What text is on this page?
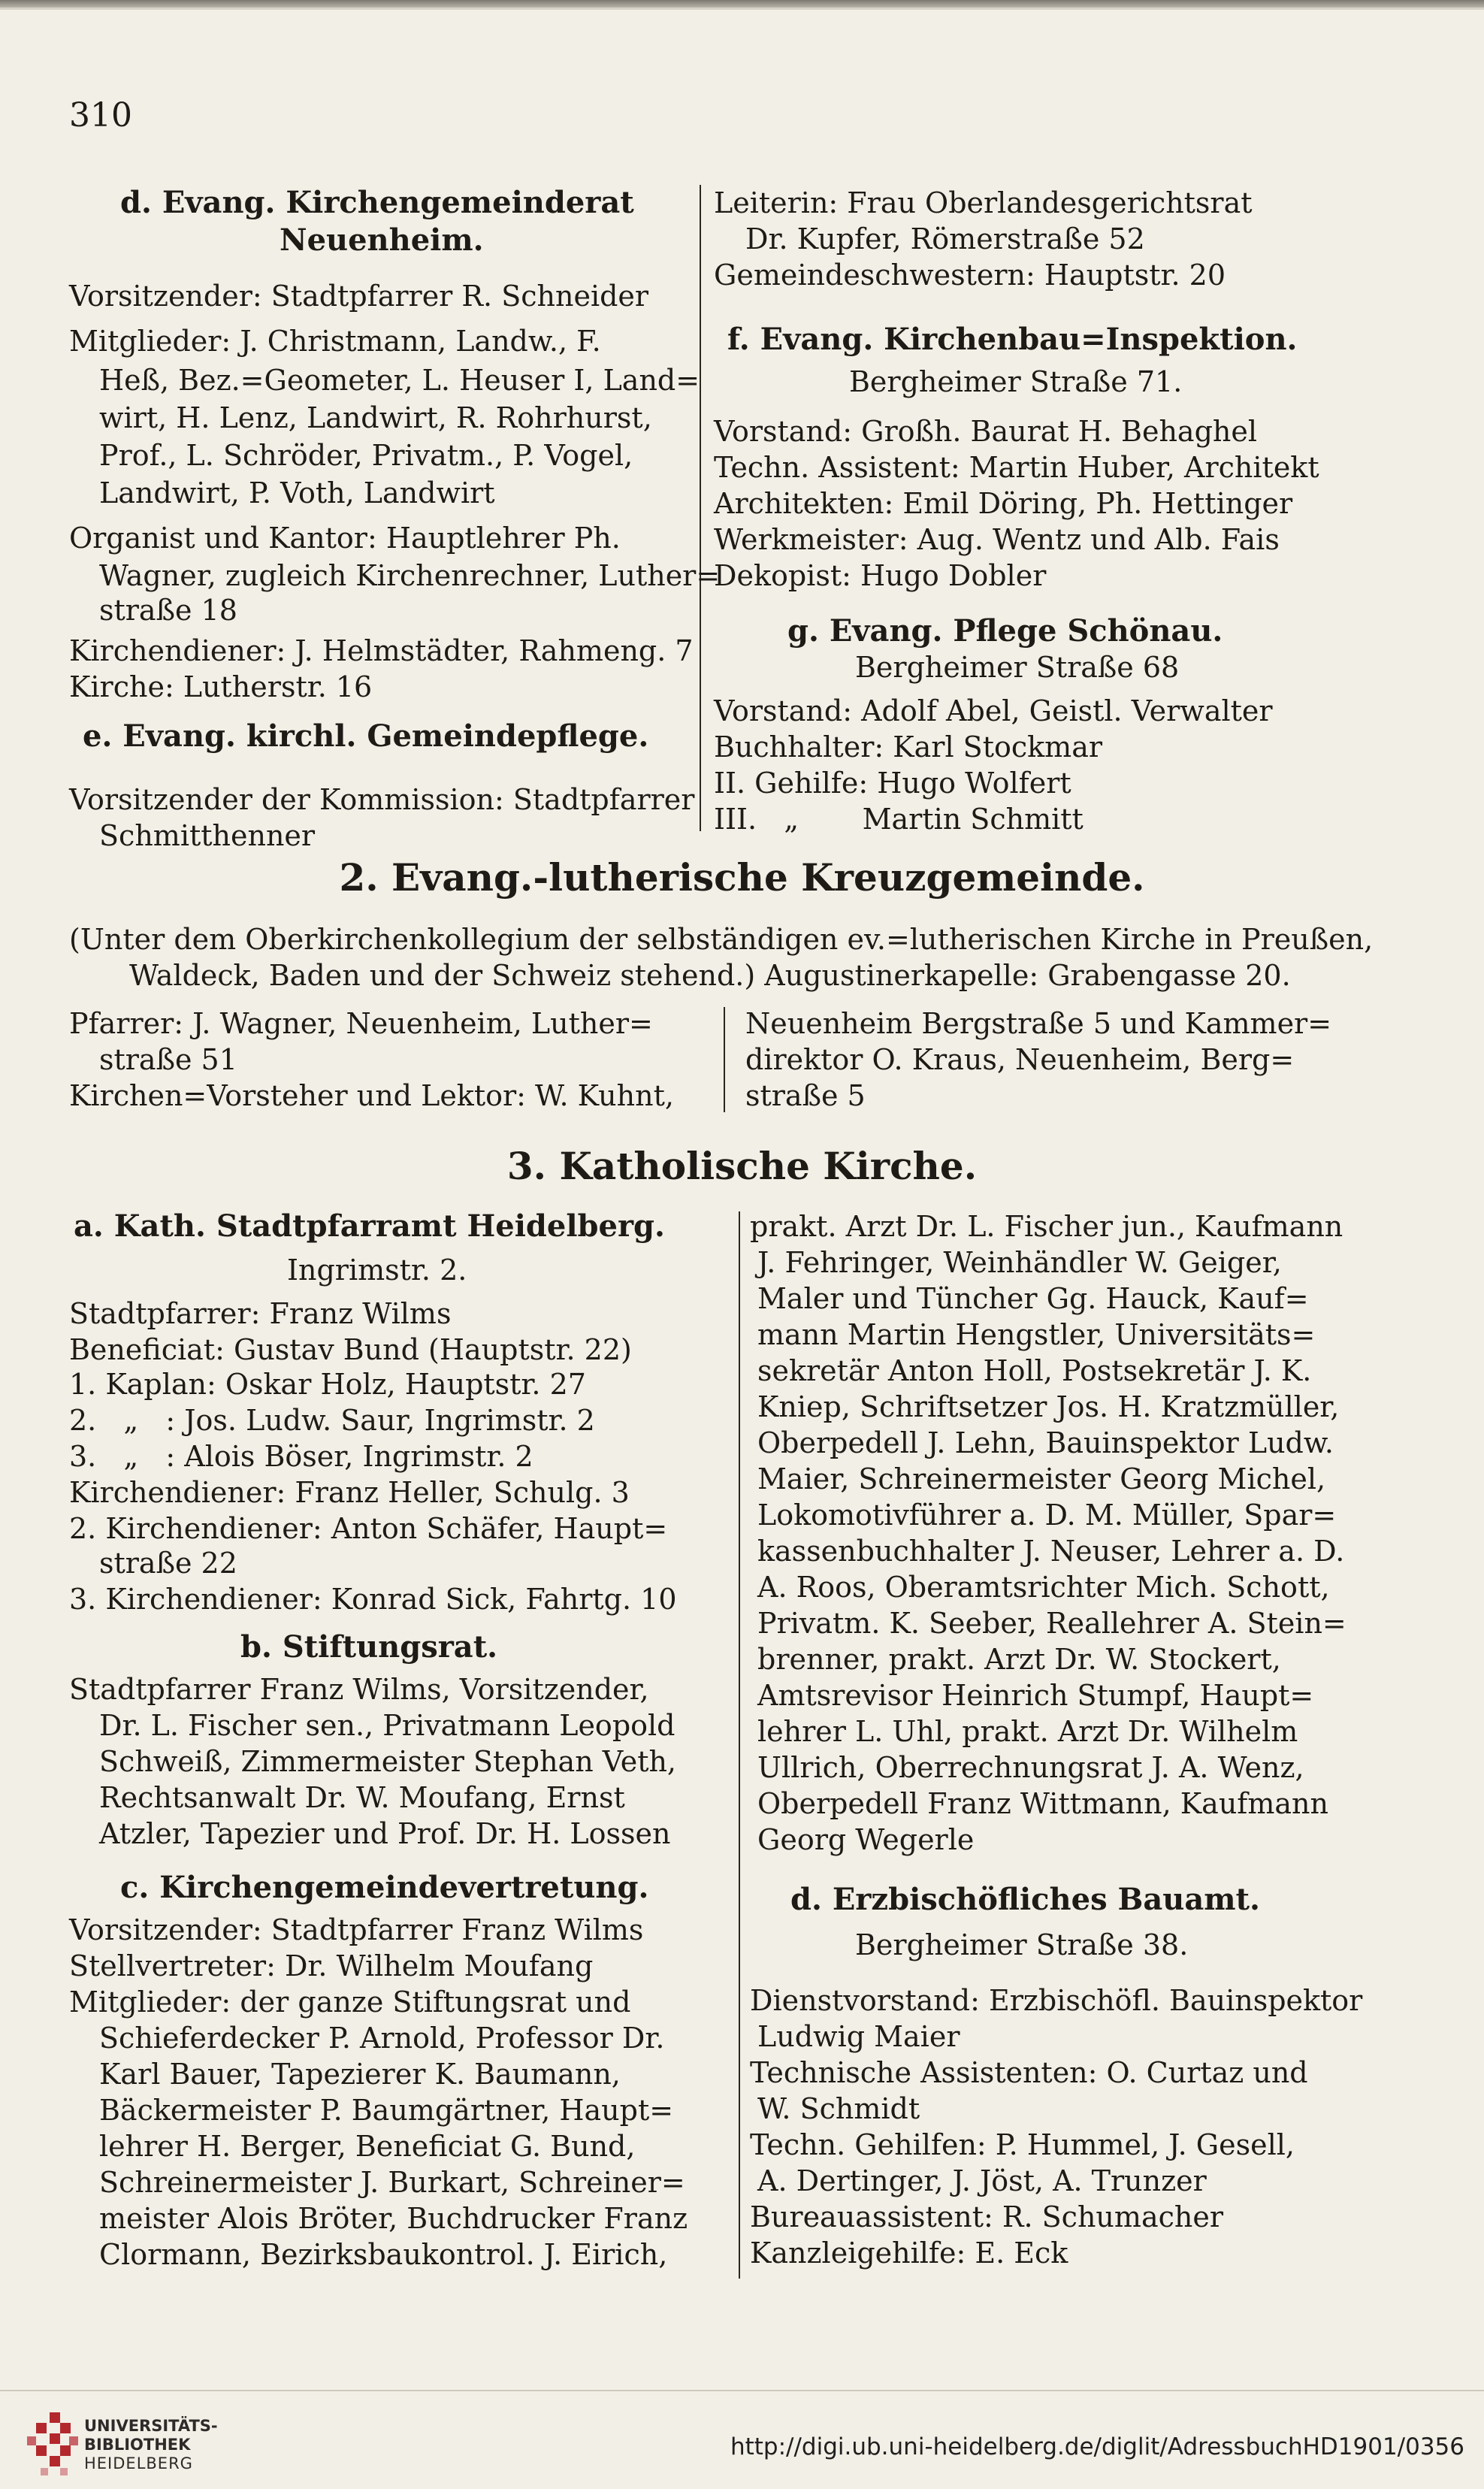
310
d. Evang. Kirchengemeinderat
Neuenheim.
Vorsitzender: Stadtpfarrer R. Schneider
Mitglieder: J. Christmann, Landw., F.
Heß, Bez.=Geometer, L. Heuser I, Land=
wirt, H. Lenz, Landwirt, R. Rohrhurst,
Prof., L. Schröder, Privatm., P. Vogel,
Landwirt, P. Voth, Landwirt
Organist und Kantor: Hauptlehrer Ph.
Wagner, zugleich Kirchenrechner, Luther=
straße 18
Kirchendiener: J. Helmstädter, Rahmeng. 7
Kirche: Lutherstr. 16
e. Evang. kirchl. Gemeindepflege.
Vorsitzender der Kommission: Stadtpfarrer
Schmitthenner
Leiterin: Frau Oberlandesgerichtsrat
Dr. Kupfer, Römerstraße 52
Gemeindeschwestern: Hauptstr. 20
f. Evang. Kirchenbau=Inspektion.
Bergheimer Straße 71.
Vorstand: Großh. Baurat H. Behaghel
Techn. Assistent: Martin Huber, Architekt
Architekten: Emil Döring, Ph. Hettinger
Werkmeister: Aug. Wentz und Alb. Fais
Dekopist: Hugo Dobler
g. Evang. Pflege Schönau.
Bergheimer Straße 68
Vorstand: Adolf Abel, Geistl. Verwalter
Buchhalter: Karl Stockmar
II. Gehilfe: Hugo Wolfert
III.   „       Martin Schmitt
2. Evang.-lutherische Kreuzgemeinde.
(Unter dem Oberkirchenkollegium der selbständigen ev.=lutherischen Kirche in Preußen,
Waldeck, Baden und der Schweiz stehend.) Augustinerkapelle: Grabengasse 20.
Pfarrer: J. Wagner, Neuenheim, Luther=
straße 51
Kirchen=Vorsteher und Lektor: W. Kuhnt,
Neuenheim Bergstraße 5 und Kammer=
direktor O. Kraus, Neuenheim, Berg=
straße 5
3. Katholische Kirche.
a. Kath. Stadtpfarramt Heidelberg.
Ingrimstr. 2.
Stadtpfarrer: Franz Wilms
Beneficiat: Gustav Bund (Hauptstr. 22)
1. Kaplan: Oskar Holz, Hauptstr. 27
2.   „   : Jos. Ludw. Saur, Ingrimstr. 2
3.   „   : Alois Böser, Ingrimstr. 2
Kirchendiener: Franz Heller, Schulg. 3
2. Kirchendiener: Anton Schäfer, Haupt=
straße 22
3. Kirchendiener: Konrad Sick, Fahrtg. 10
b. Stiftungsrat.
Stadtpfarrer Franz Wilms, Vorsitzender,
Dr. L. Fischer sen., Privatmann Leopold
Schweiß, Zimmermeister Stephan Veth,
Rechtsanwalt Dr. W. Moufang, Ernst
Atzler, Tapezier und Prof. Dr. H. Lossen
c. Kirchengemeindevertretung.
Vorsitzender: Stadtpfarrer Franz Wilms
Stellvertreter: Dr. Wilhelm Moufang
Mitglieder: der ganze Stiftungsrat und
Schieferdecker P. Arnold, Professor Dr.
Karl Bauer, Tapezierer K. Baumann,
Bäckermeister P. Baumgärtner, Haupt=
lehrer H. Berger, Beneficiat G. Bund,
Schreinermeister J. Burkart, Schreiner=
meister Alois Bröter, Buchdrucker Franz
Clormann, Bezirksbaukontrol. J. Eirich,
prakt. Arzt Dr. L. Fischer jun., Kaufmann
J. Fehringer, Weinhändler W. Geiger,
Maler und Tüncher Gg. Hauck, Kauf=
mann Martin Hengstler, Universitäts=
sekretär Anton Holl, Postsekretär J. K.
Kniep, Schriftsetzer Jos. H. Kratzmüller,
Oberpedell J. Lehn, Bauinspektor Ludw.
Maier, Schreinermeister Georg Michel,
Lokomotivführer a. D. M. Müller, Spar=
kassenbuchhalter J. Neuser, Lehrer a. D.
A. Roos, Oberamtsrichter Mich. Schott,
Privatm. K. Seeber, Reallehrer A. Stein=
brenner, prakt. Arzt Dr. W. Stockert,
Amtsrevisor Heinrich Stumpf, Haupt=
lehrer L. Uhl, prakt. Arzt Dr. Wilhelm
Ullrich, Oberrechnungsrat J. A. Wenz,
Oberpedell Franz Wittmann, Kaufmann
Georg Wegerle
d. Erzbischöfliches Bauamt.
Bergheimer Straße 38.
Dienstvorstand: Erzbischöfl. Bauinspektor
Ludwig Maier
Technische Assistenten: O. Curtaz und
W. Schmidt
Techn. Gehilfen: P. Hummel, J. Gesell,
A. Dertinger, J. Jöst, A. Trunzer
Bureauassistent: R. Schumacher
Kanzleigehilfe: E. Eck
UNIVERSITÄTS-
BIBLIOTHEK
HEIDELBERG
http://digi.ub.uni-heidelberg.de/diglit/AdressbuchHD1901/0356
